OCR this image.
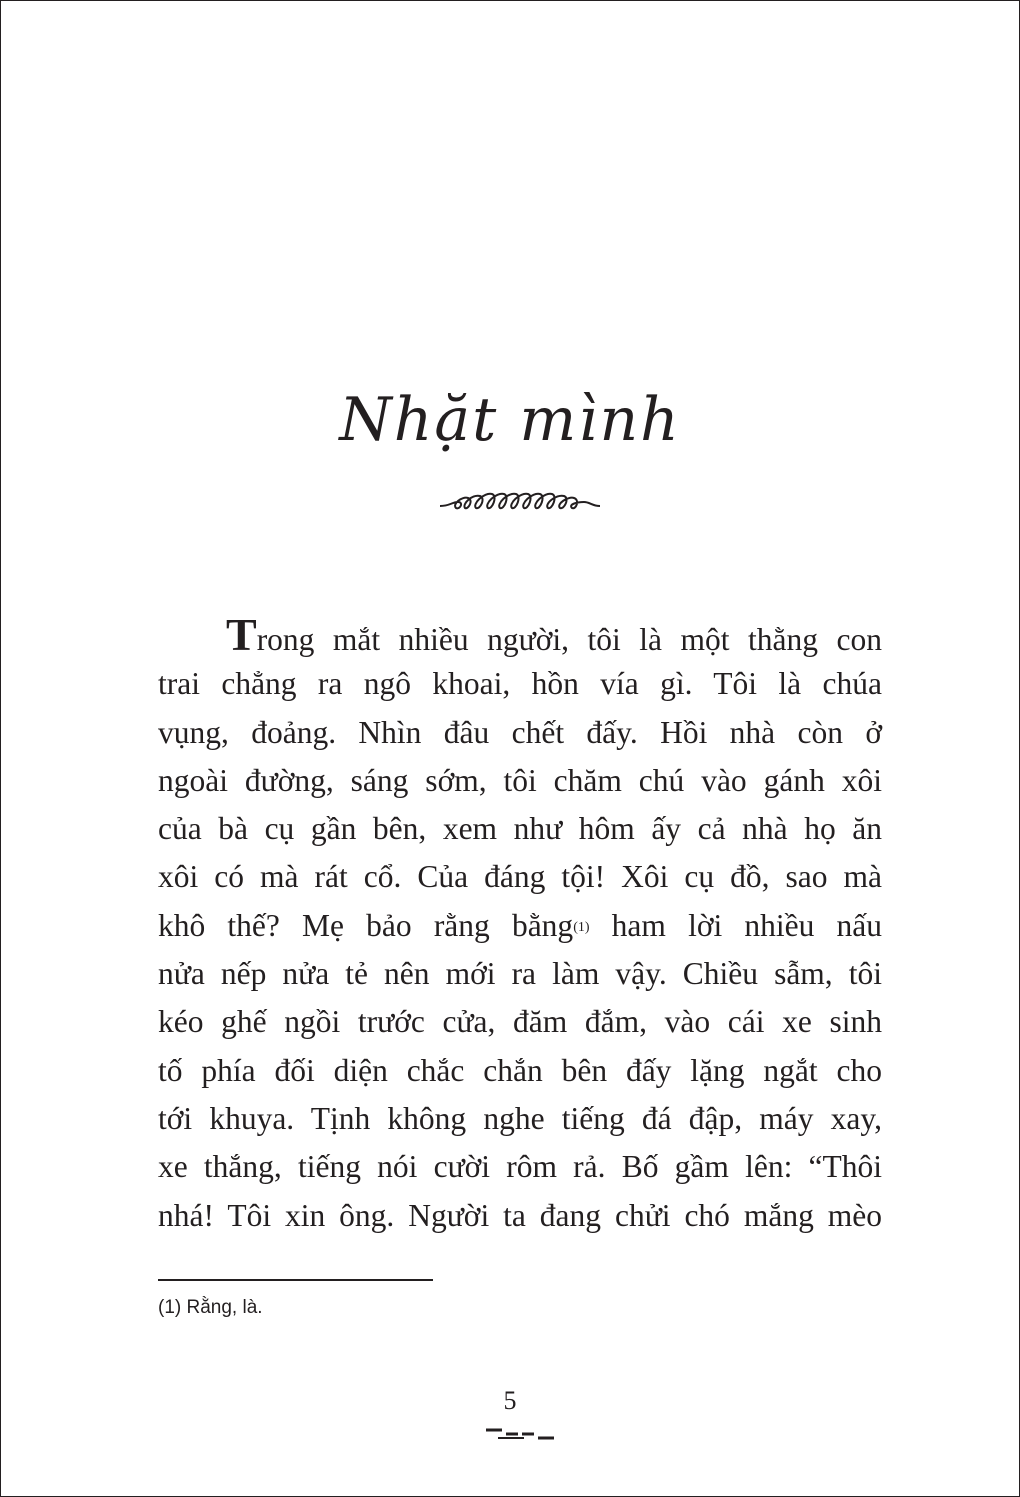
Nhặt mình
Trong mắt nhiều người, tôi là một thằng con
trai chẳng ra ngô khoai, hồn vía gì. Tôi là chúa
vụng, đoảng. Nhìn đâu chết đấy. Hồi nhà còn ở
ngoài đường, sáng sớm, tôi chăm chú vào gánh xôi
của bà cụ gần bên, xem như hôm ấy cả nhà họ ăn
xôi có mà rát cổ. Của đáng tội! Xôi cụ đồ, sao mà
khô thế? Mẹ bảo rằng bằng$^{(1)}$ ham lời nhiều nấu
nửa nếp nửa tẻ nên mới ra làm vậy. Chiều sẫm, tôi
kéo ghế ngồi trước cửa, đăm đắm, vào cái xe sinh
tố phía đối diện chắc chắn bên đấy lặng ngắt cho
tới khuya. Tịnh không nghe tiếng đá đập, máy xay,
xe thắng, tiếng nói cười rôm rả. Bố gầm lên: “Thôi
nhá! Tôi xin ông. Người ta đang chửi chó mắng mèo
(1) Rằng, là.
5
